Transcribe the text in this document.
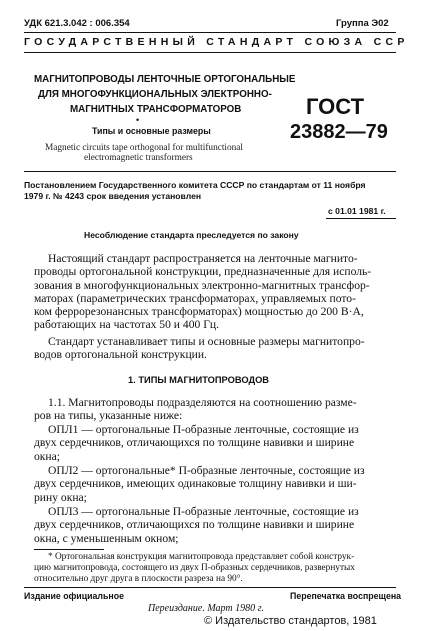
УДК 621.3.042 : 006.354	Группа Э02
ГОСУДАРСТВЕННЫЙ СТАНДАРТ СОЮЗА ССР
МАГНИТОПРОВОДЫ ЛЕНТОЧНЫЕ ОРТОГОНАЛЬНЫЕ
ДЛЯ МНОГОФУНКЦИОНАЛЬНЫХ ЭЛЕКТРОННО-
МАГНИТНЫХ ТРАНСФОРМАТОРОВ
•
Типы и основные размеры
Magnetic circuits tape orthogonal for multifunctional
electromagnetic transformers
ГОСТ
23882—79
Постановлением Государственного комитета СССР по стандартам от 11 ноября
1979 г. № 4243 срок введения установлен
с 01.01 1981 г.
Несоблюдение стандарта преследуется по закону
Настоящий стандарт распространяется на ленточные магнито-
проводы ортогональной конструкции, предназначенные для исполь-
зования в многофункциональных электронно-магнитных трансфор-
маторах (параметрических трансформаторах, управляемых пото-
ком феррорезонансных трансформаторах) мощностью до 200 В·А,
работающих на частотах 50 и 400 Гц.
Стандарт устанавливает типы и основные размеры магнитопро-
водов ортогональной конструкции.
1. ТИПЫ МАГНИТОПРОВОДОВ
1.1. Магнитопроводы подразделяются на соотношению разме-
ров на типы, указанные ниже:
ОПЛ1 — ортогональные П-образные ленточные, состоящие из
двух сердечников, отличающихся по толщине навивки и ширине
окна;
ОПЛ2 — ортогональные* П-образные ленточные, состоящие из
двух сердечников, имеющих одинаковые толщину навивки и ши-
рину окна;
ОПЛ3 — ортогональные П-образные ленточные, состоящие из
двух сердечников, отличающихся по толщине навивки и ширине
окна, с уменьшенным окном;
* Ортогональная конструкция магнитопровода представляет собой конструк-
цию магнитопровода, состоящего из двух П-образных сердечников, развернутых
относительно друг друга в плоскости разреза на 90°.
Издание официальное	Перепечатка воспрещена
Переиздание. Март 1980 г.
© Издательство стандартов, 1981
